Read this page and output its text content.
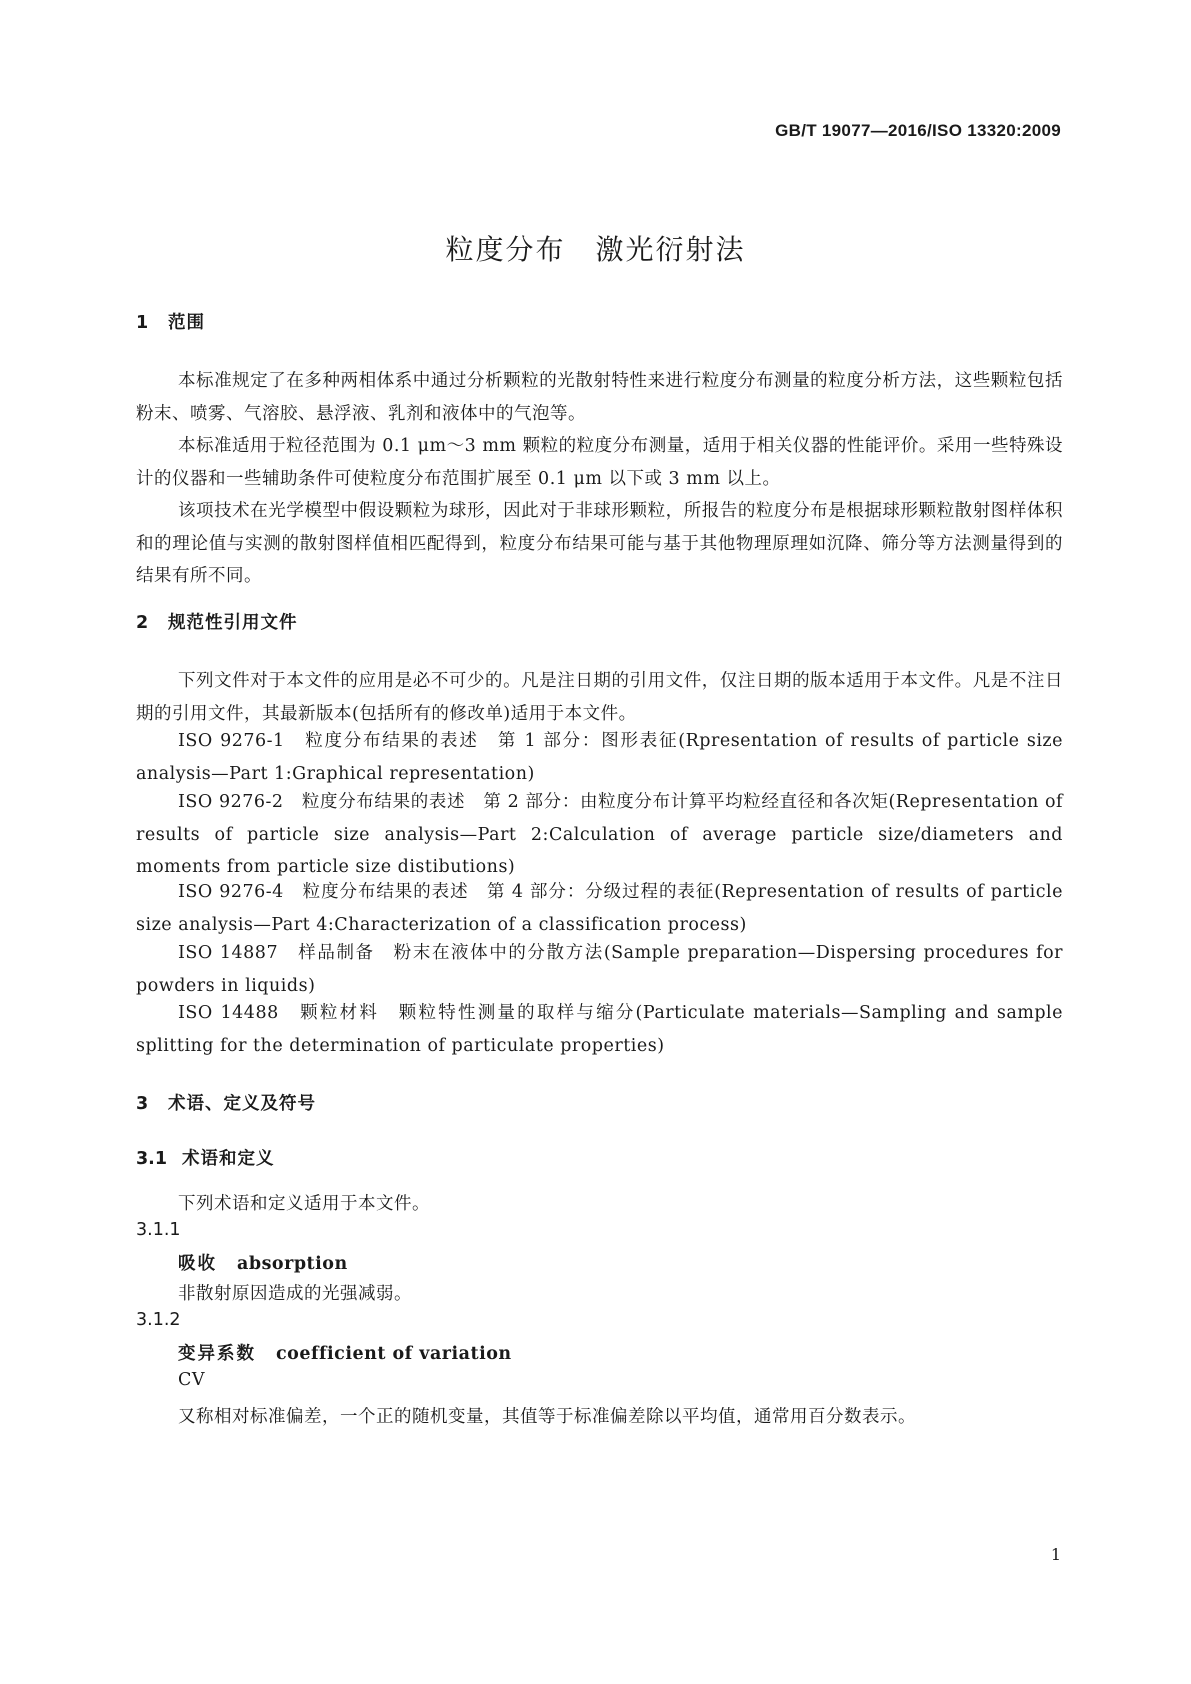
GB/T 19077—2016/ISO 13320:2009
粒度分布　激光衍射法
1 范围
本标准规定了在多种两相体系中通过分析颗粒的光散射特性来进行粒度分布测量的粒度分析方法，这些颗粒包括粉末、喷雾、气溶胶、悬浮液、乳剂和液体中的气泡等。
本标准适用于粒径范围为 0.1 μm～3 mm 颗粒的粒度分布测量，适用于相关仪器的性能评价。采用一些特殊设计的仪器和一些辅助条件可使粒度分布范围扩展至 0.1 μm 以下或 3 mm 以上。
该项技术在光学模型中假设颗粒为球形，因此对于非球形颗粒，所报告的粒度分布是根据球形颗粒散射图样体积和的理论值与实测的散射图样值相匹配得到，粒度分布结果可能与基于其他物理原理如沉降、筛分等方法测量得到的结果有所不同。
2 规范性引用文件
下列文件对于本文件的应用是必不可少的。凡是注日期的引用文件，仅注日期的版本适用于本文件。凡是不注日期的引用文件，其最新版本(包括所有的修改单)适用于本文件。
ISO 9276-1　粒度分布结果的表述　第 1 部分：图形表征(Rpresentation of results of particle size analysis—Part 1:Graphical representation)
ISO 9276-2　粒度分布结果的表述　第 2 部分：由粒度分布计算平均粒经直径和各次矩(Representation of results of particle size analysis—Part 2:Calculation of average particle size/diameters and moments from particle size distibutions)
ISO 9276-4　粒度分布结果的表述　第 4 部分：分级过程的表征(Representation of results of particle size analysis—Part 4:Characterization of a classification process)
ISO 14887　样品制备　粉末在液体中的分散方法(Sample preparation—Dispersing procedures for powders in liquids)
ISO 14488　颗粒材料　颗粒特性测量的取样与缩分(Particulate materials—Sampling and sample splitting for the determination of particulate properties)
3 术语、定义及符号
3.1 术语和定义
下列术语和定义适用于本文件。
3.1.1
吸收 absorption
非散射原因造成的光强减弱。
3.1.2
变异系数 coefficient of variation
CV
又称相对标准偏差，一个正的随机变量，其值等于标准偏差除以平均值，通常用百分数表示。
1
